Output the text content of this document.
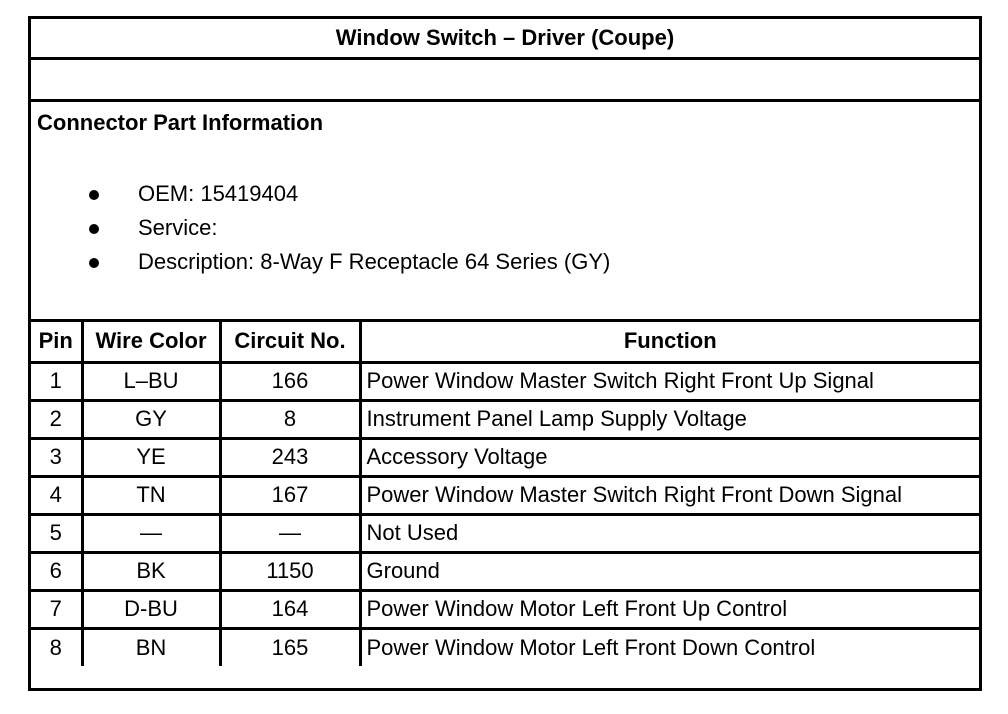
Window Switch – Driver (Coupe)
Connector Part Information
OEM: 15419404
Service:
Description: 8-Way F Receptacle 64 Series (GY)
Pin	Wire Color	Circuit No.	Function
1	L–BU	166	Power Window Master Switch Right Front Up Signal
2	GY	8	Instrument Panel Lamp Supply Voltage
3	YE	243	Accessory Voltage
4	TN	167	Power Window Master Switch Right Front Down Signal
5	—	—	Not Used
6	BK	1150	Ground
7	D-BU	164	Power Window Motor Left Front Up Control
8	BN	165	Power Window Motor Left Front Down Control
